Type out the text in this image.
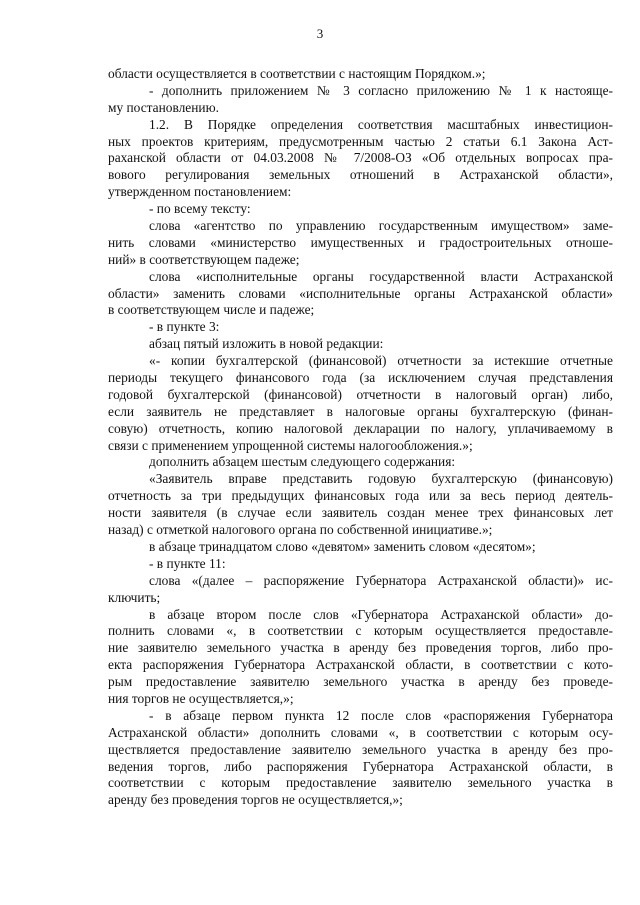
3
области осуществляется в соответствии с настоящим Порядком.»;
- дополнить приложением № 3 согласно приложению № 1 к настояще-
му постановлению.
1.2. В Порядке определения соответствия масштабных инвестицион-
ных проектов критериям, предусмотренным частью 2 статьи 6.1 Закона Аст-
раханской области от 04.03.2008 № 7/2008-ОЗ «Об отдельных вопросах пра-
вового регулирования земельных отношений в Астраханской области»,
утвержденном постановлением:
- по всему тексту:
слова «агентство по управлению государственным имуществом» заме-
нить словами «министерство имущественных и градостроительных отноше-
ний» в соответствующем падеже;
слова «исполнительные органы государственной власти Астраханской
области» заменить словами «исполнительные органы Астраханской области»
в соответствующем числе и падеже;
- в пункте 3:
абзац пятый изложить в новой редакции:
«- копии бухгалтерской (финансовой) отчетности за истекшие отчетные
периоды текущего финансового года (за исключением случая представления
годовой бухгалтерской (финансовой) отчетности в налоговый орган) либо,
если заявитель не представляет в налоговые органы бухгалтерскую (финан-
совую) отчетность, копию налоговой декларации по налогу, уплачиваемому в
связи с применением упрощенной системы налогообложения.»;
дополнить абзацем шестым следующего содержания:
«Заявитель вправе представить годовую бухгалтерскую (финансовую)
отчетность за три предыдущих финансовых года или за весь период деятель-
ности заявителя (в случае если заявитель создан менее трех финансовых лет
назад) с отметкой налогового органа по собственной инициативе.»;
в абзаце тринадцатом слово «девятом» заменить словом «десятом»;
- в пункте 11:
слова «(далее – распоряжение Губернатора Астраханской области)» ис-
ключить;
в абзаце втором после слов «Губернатора Астраханской области» до-
полнить словами «, в соответствии с которым осуществляется предоставле-
ние заявителю земельного участка в аренду без проведения торгов, либо про-
екта распоряжения Губернатора Астраханской области, в соответствии с кото-
рым предоставление заявителю земельного участка в аренду без проведе-
ния торгов не осуществляется,»;
- в абзаце первом пункта 12 после слов «распоряжения Губернатора
Астраханской области» дополнить словами «, в соответствии с которым осу-
ществляется предоставление заявителю земельного участка в аренду без про-
ведения торгов, либо распоряжения Губернатора Астраханской области, в
соответствии с которым предоставление заявителю земельного участка в
аренду без проведения торгов не осуществляется,»;
